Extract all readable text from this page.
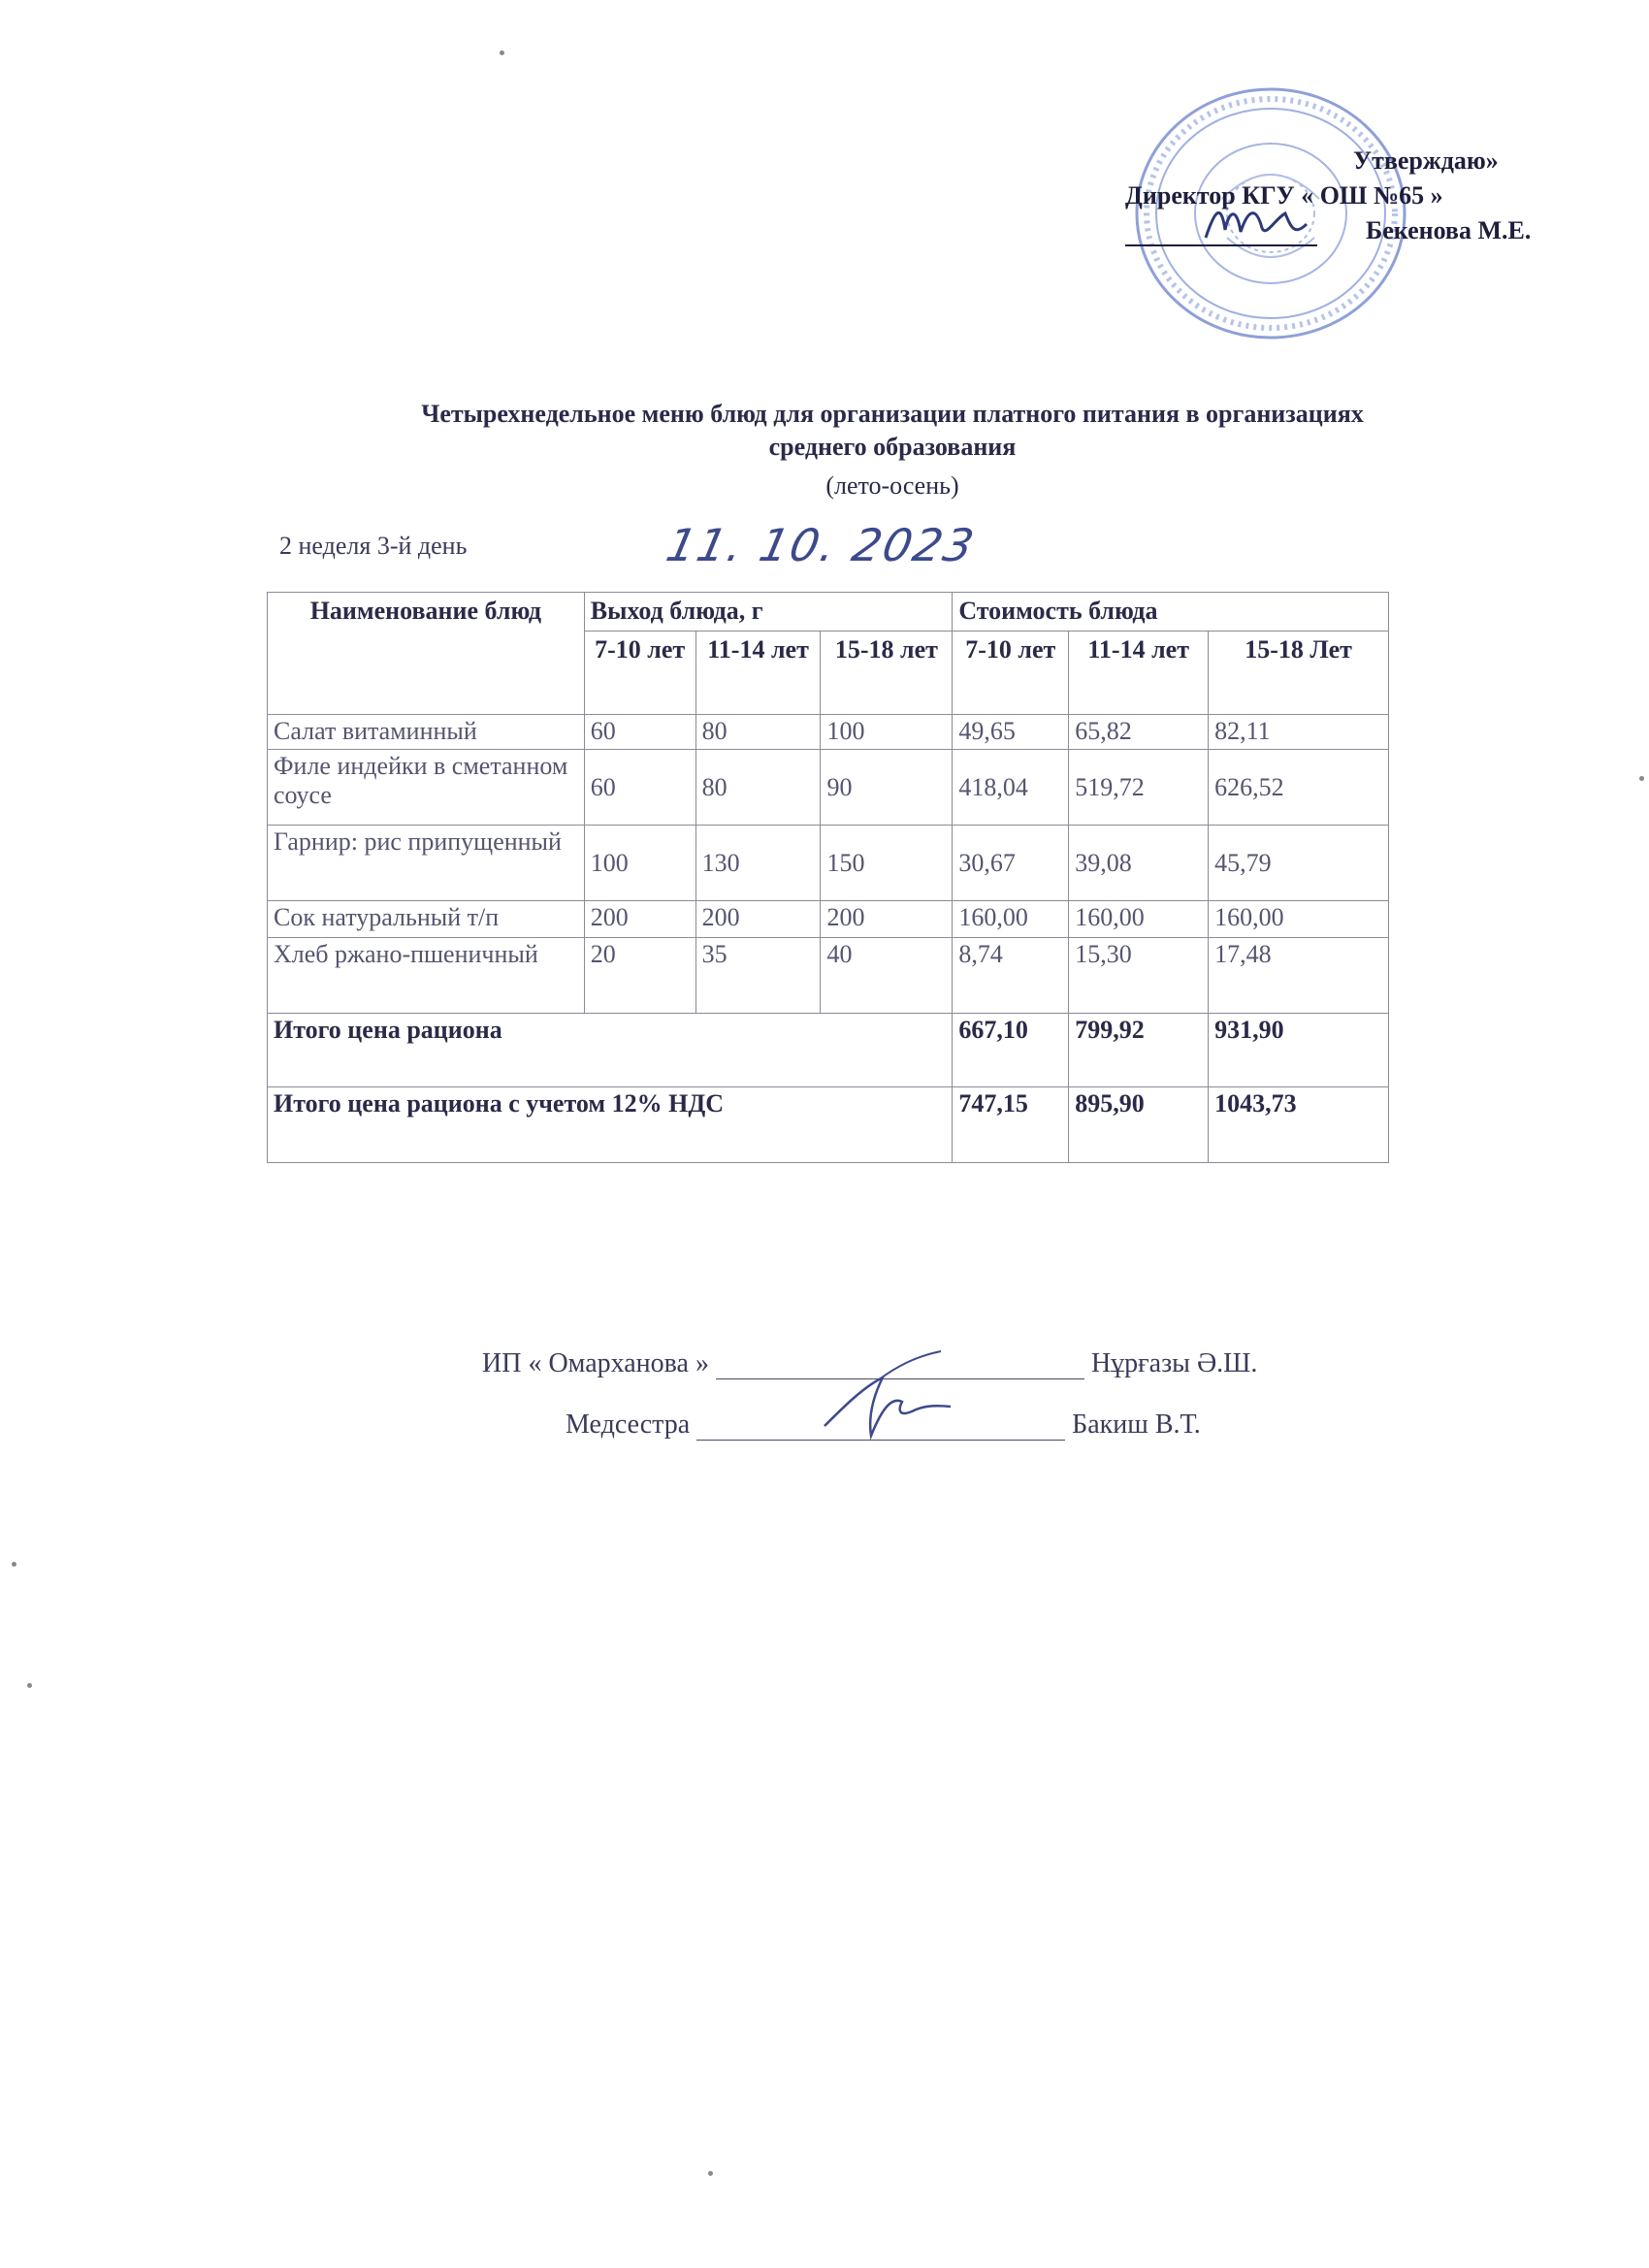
Утверждаю»
Директор КГУ « ОШ №65 »
Бекенова М.Е.
Четырехнедельное меню блюд для организации платного питания в организациях
среднего образования
(лето-осень)
2 неделя 3-й день	11. 10. 2023
Наименование блюд	Выход блюда, г			Стоимость блюда		
	7-10 лет	11-14 лет	15-18 лет	7-10 лет	11-14 лет	15-18 Лет
Салат витаминный	60	80	100	49,65	65,82	82,11
Филе индейки в сметанном соусе	60	80	90	418,04	519,72	626,52
Гарнир: рис припущенный	100	130	150	30,67	39,08	45,79
Сок натуральный т/п	200	200	200	160,00	160,00	160,00
Хлеб ржано-пшеничный	20	35	40	8,74	15,30	17,48
Итого цена рациона				667,10	799,92	931,90
Итого цена рациона с учетом 12% НДС				747,15	895,90	1043,73
ИП « Омарханова »	Нұрғазы Ә.Ш.
Медсестра	Бакиш В.Т.
